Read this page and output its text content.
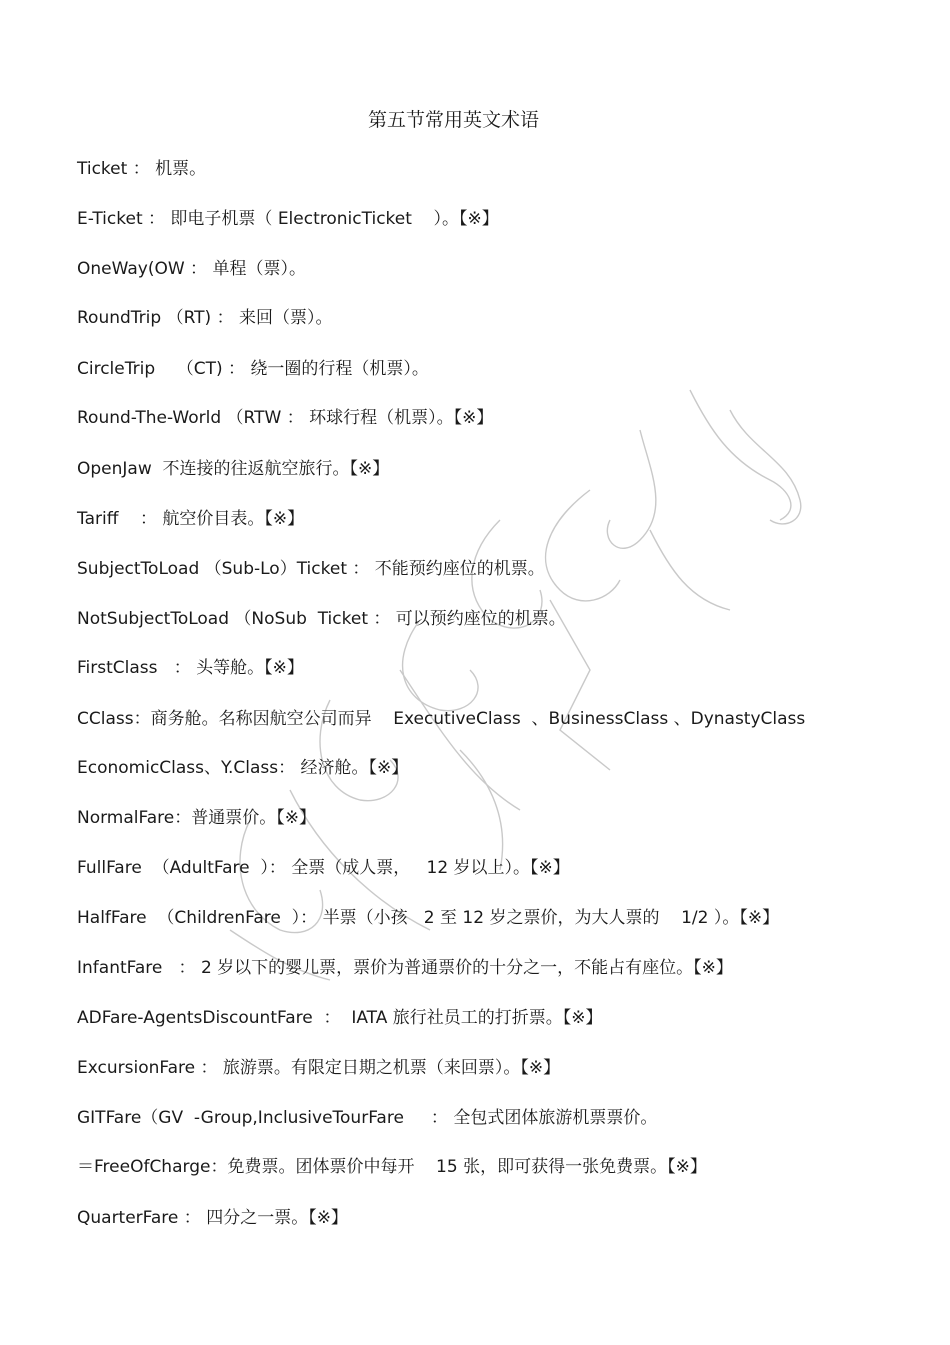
第五节常用英文术语
Ticket ： 机票。
E-Ticket ： 即电子机票（ ElectronicTicket    ）。【※】
OneWay(OW ： 单程（票）。
RoundTrip （RT) ： 来回（票）。
CircleTrip    （CT) ： 绕一圈的行程（机票）。
Round-The-World （RTW ： 环球行程（机票）。【※】
OpenJaw  不连接的往返航空旅行。【※】
Tariff    ： 航空价目表。【※】
SubjectToLoad （Sub-Lo）Ticket ： 不能预约座位的机票。
NotSubjectToLoad （NoSub  Ticket ： 可以预约座位的机票。
FirstClass   ： 头等舱。【※】
CClass：商务舱。名称因航空公司而异    ExecutiveClass  、BusinessClass 、DynastyClass
EconomicClass、Y.Class： 经济舱。【※】
NormalFare：普通票价。【※】
FullFare  （AdultFare  ）： 全票（成人票，   12 岁以上）。【※】
HalfFare  （ChildrenFare  ）： 半票（小孩   2 至 12 岁之票价，为大人票的    1/2 ）。【※】
InfantFare   ： 2 岁以下的婴儿票，票价为普通票价的十分之一，不能占有座位。【※】
ADFare-AgentsDiscountFare  ：  IATA 旅行社员工的打折票。【※】
ExcursionFare ： 旅游票。有限定日期之机票（来回票）。【※】
GITFare（GV  -Group,InclusiveTourFare     ： 全包式团体旅游机票票价。
＝FreeOfCharge：免费票。团体票价中每开    15 张，即可获得一张免费票。【※】
QuarterFare ： 四分之一票。【※】
